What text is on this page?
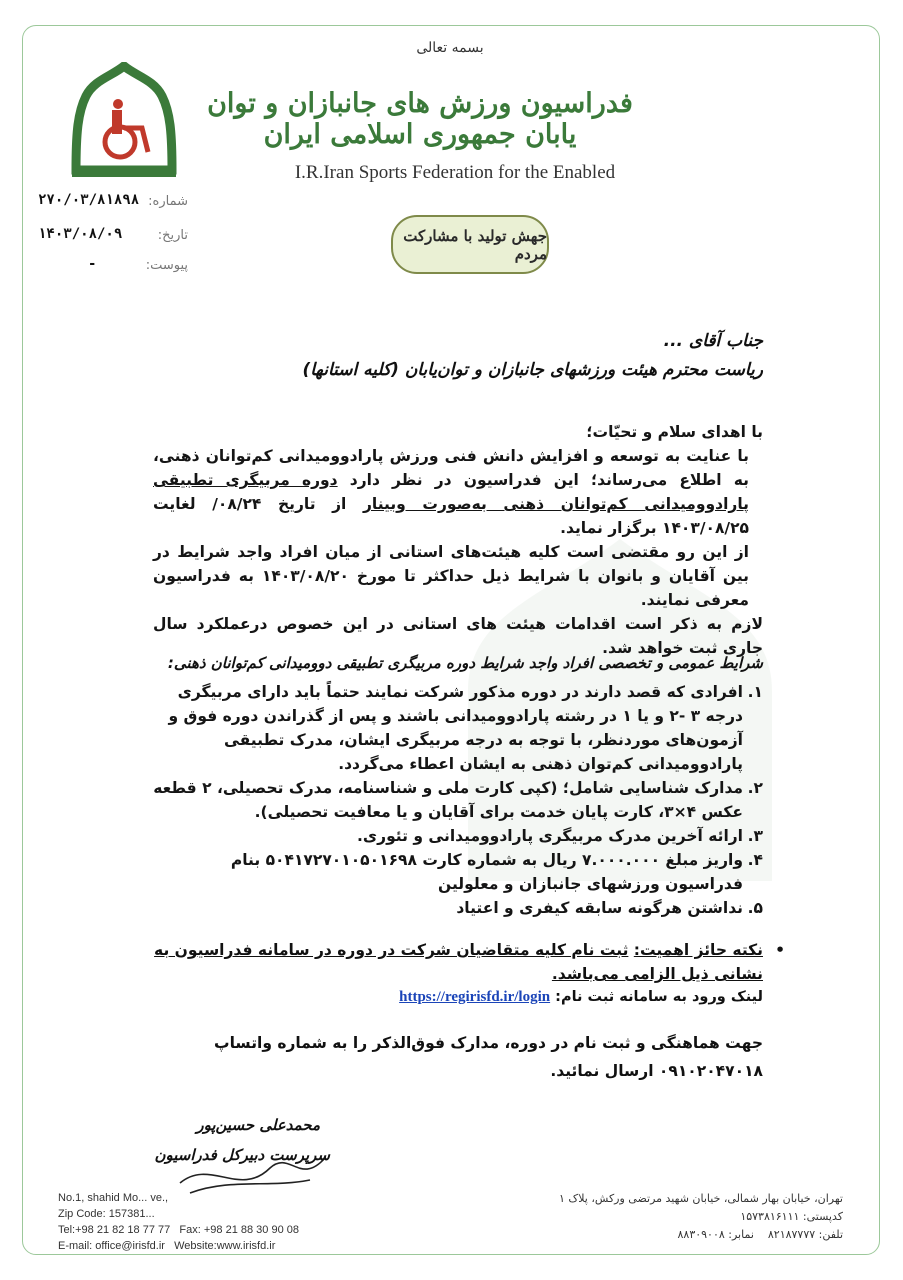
بسمه تعالی
فدراسیون ورزش های جانبازان و توان یابان جمهوری اسلامی ایران
I.R.Iran Sports Federation for the Enabled
جهش تولید با مشارکت مردم
۲۷۰/۰۳/۸۱۸۹۸ شماره:
۱۴۰۳/۰۸/۰۹	تاریخ:
-	پیوست:
جناب آقای ...
ریاست محترم هیئت ورزشهای جانبازان و توان‌یابان (کلیه استانها)

با اهدای سلام و تحیّات؛

با عنایت به توسعه و افزایش دانش فنی ورزش پارادوومیدانی کم‌توانان ذهنی، به اطلاع می‌رساند؛ این فدراسیون در نظر دارد دوره مربیگری تطبیقی پارادوومیدانی کم‌توانان ذهنی به‌صورت وبینار از تاریخ ۰۸/۲۴/ لغایت ۱۴۰۳/۰۸/۲۵ برگزار نماید.

از این رو مقتضی است کلیه هیئت‌های استانی از میان افراد واجد شرایط در بین آقایان و بانوان با شرایط ذیل حداکثر تا مورخ ۱۴۰۳/۰۸/۲۰ به فدراسیون معرفی نمایند.

لازم به ذکر است اقدامات هیئت های استانی در این خصوص درعملکرد سال جاری ثبت خواهد شد.

شرایط عمومی و تخصصی افراد واجد شرایط دوره مربیگری تطبیقی دوومیدانی کم‌توانان ذهنی:
۱.
افرادی که قصد دارند در دوره مذکور شرکت نمایند حتماً باید دارای مربیگری درجه ۳ -۲ و یا ۱ در رشته پارادوومیدانی باشند و پس از گذراندن دوره فوق و آزمون‌های موردنظر، با توجه به درجه مربیگری ایشان، مدرک تطبیقی پارادوومیدانی کم‌توان ذهنی به ایشان اعطاء می‌گردد.
۲.
مدارک شناسایی شامل؛ (کپی کارت ملی و شناسنامه، مدرک تحصیلی، ۲ قطعه عکس ۴×۳، کارت پایان خدمت برای آقایان و یا معافیت تحصیلی).
۳.
ارائه آخرین مدرک مربیگری پارادوومیدانی و تئوری.
۴.
واریز مبلغ ۷.۰۰۰.۰۰۰ ریال به شماره کارت ۵۰۴۱۷۲۷۰۱۰۵۰۱۶۹۸ بنام فدراسیون ورزشهای جانبازان و معلولین
۵.
نداشتن هرگونه سابقه کیفری و اعتیاد
•
نکته حائز اهمیت: ثبت نام کلیه متقاضیان شرکت در دوره در سامانه فدراسیون به نشانی ذیل الزامی می‌باشد.
لینک ورود به سامانه ثبت نام: https://regirisfd.ir/login
جهت هماهنگی و ثبت نام در دوره، مدارک فوق‌الذکر را به شماره واتساپ ۰۹۱۰۲۰۴۷۰۱۸ ارسال نمائید.
محمدعلی حسین‌پور
سرپرست دبیرکل فدراسیون
No.1, shahid Mo... ve.,
Zip Code: 157381...
Tel:+98 21 82 18 77 77 Fax: +98 21 88 30 90 08
E-mail: office@irisfd.ir Website:www.irisfd.ir
تهران، خیابان بهار شمالی، خیابان شهید مرتضی ورکش، پلاک ۱
کدپستی: ۱۵۷۳۸۱۶۱۱۱
تلفن: ۸۲۱۸۷۷۷۷    نمابر: ۸۸۳۰۹۰۰۸
